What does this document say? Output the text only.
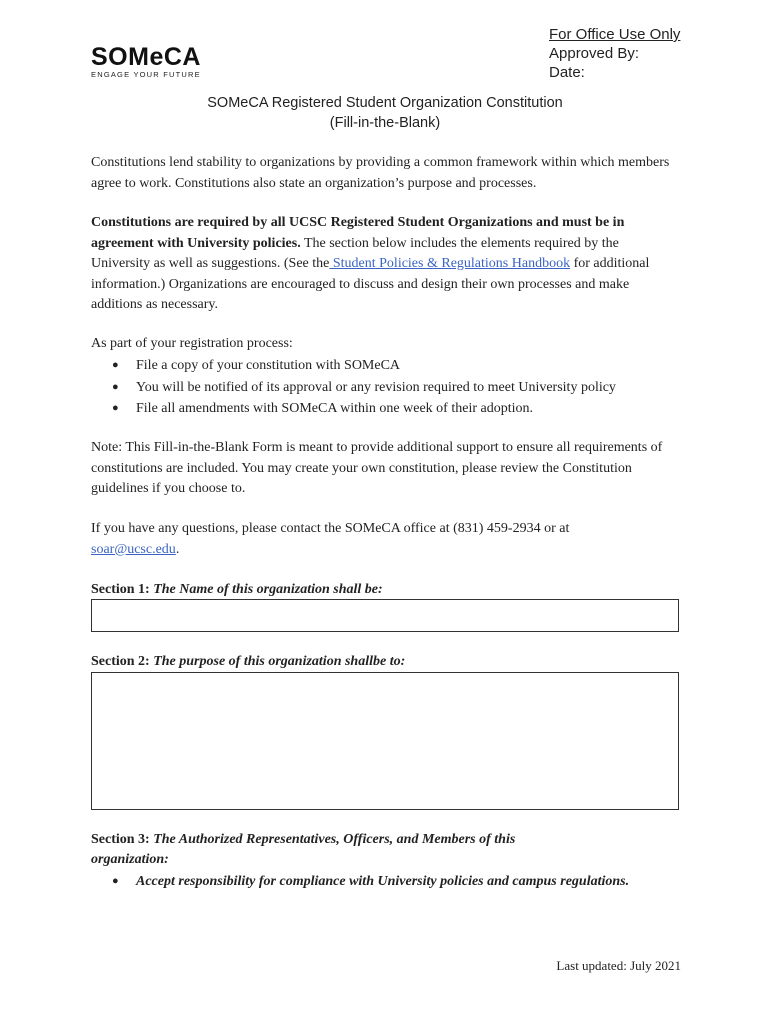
SOMeCA
ENGAGE YOUR FUTURE
For Office Use Only
Approved By:
Date:
SOMeCA Registered Student Organization Constitution
(Fill-in-the-Blank)
Constitutions lend stability to organizations by providing a common framework within which members agree to work. Constitutions also state an organization’s purpose and processes.
Constitutions are required by all UCSC Registered Student Organizations and must be in agreement with University policies. The section below includes the elements required by the University as well as suggestions. (See the Student Policies & Regulations Handbook for additional information.) Organizations are encouraged to discuss and design their own processes and make additions as necessary.
As part of your registration process:
● File a copy of your constitution with SOMeCA
● You will be notified of its approval or any revision required to meet University policy
● File all amendments with SOMeCA within one week of their adoption.
Note: This Fill-in-the-Blank Form is meant to provide additional support to ensure all requirements of constitutions are included. You may create your own constitution, please review the Constitution guidelines if you choose to.
If you have any questions, please contact the SOMeCA office at (831) 459-2934 or at
soar@ucsc.edu.
Section 1: The Name of this organization shall be:
Section 2: The purpose of this organization shallbe to:
Section 3: The Authorized Representatives, Officers, and Members of this organization:
● Accept responsibility for compliance with University policies and campus regulations.
Last updated: July 2021
